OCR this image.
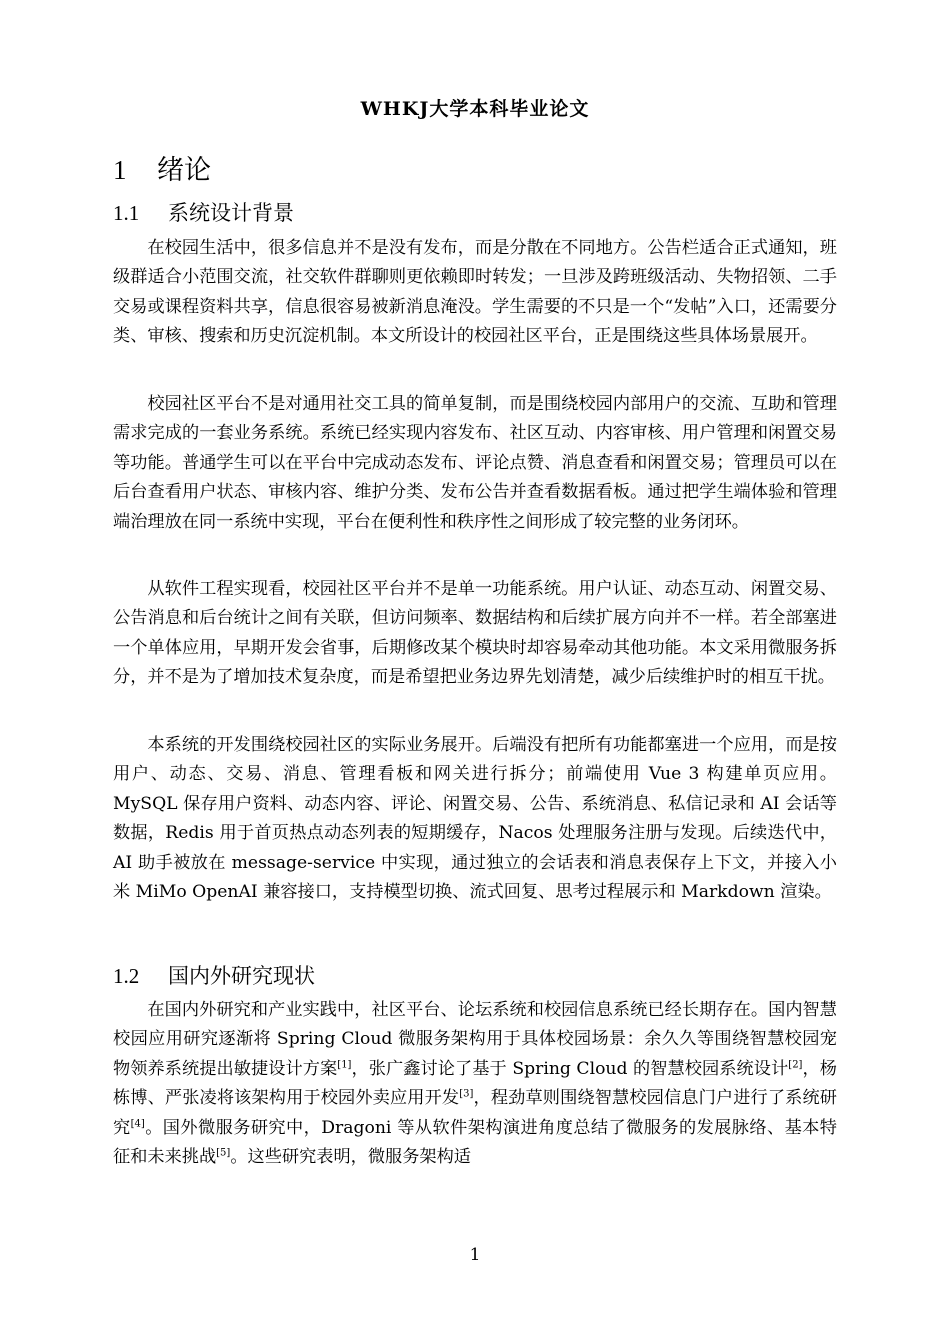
WHKJ大学本科毕业论文
1 绪论
1.1 系统设计背景

在校园生活中，很多信息并不是没有发布，而是分散在不同地方。公告栏适合正式通知，班级群适合小范围交流，社交软件群聊则更依赖即时转发；一旦涉及跨班级活动、失物招领、二手交易或课程资料共享，信息很容易被新消息淹没。学生需要的不只是一个“发帖”入口，还需要分类、审核、搜索和历史沉淀机制。本文所设计的校园社区平台，正是围绕这些具体场景展开。

校园社区平台不是对通用社交工具的简单复制，而是围绕校园内部用户的交流、互助和管理需求完成的一套业务系统。系统已经实现内容发布、社区互动、内容审核、用户管理和闲置交易等功能。普通学生可以在平台中完成动态发布、评论点赞、消息查看和闲置交易；管理员可以在后台查看用户状态、审核内容、维护分类、发布公告并查看数据看板。通过把学生端体验和管理端治理放在同一系统中实现，平台在便利性和秩序性之间形成了较完整的业务闭环。

从软件工程实现看，校园社区平台并不是单一功能系统。用户认证、动态互动、闲置交易、公告消息和后台统计之间有关联，但访问频率、数据结构和后续扩展方向并不一样。若全部塞进一个单体应用，早期开发会省事，后期修改某个模块时却容易牵动其他功能。本文采用微服务拆分，并不是为了增加技术复杂度，而是希望把业务边界先划清楚，减少后续维护时的相互干扰。

本系统的开发围绕校园社区的实际业务展开。后端没有把所有功能都塞进一个应用，而是按用户、动态、交易、消息、管理看板和网关进行拆分；前端使用 Vue 3 构建单页应用。MySQL 保存用户资料、动态内容、评论、闲置交易、公告、系统消息、私信记录和 AI 会话等数据，Redis 用于首页热点动态列表的短期缓存，Nacos 处理服务注册与发现。后续迭代中，AI 助手被放在 message-service 中实现，通过独立的会话表和消息表保存上下文，并接入小米 MiMo OpenAI 兼容接口，支持模型切换、流式回复、思考过程展示和 Markdown 渲染。

1.2 国内外研究现状

在国内外研究和产业实践中，社区平台、论坛系统和校园信息系统已经长期存在。国内智慧校园应用研究逐渐将 Spring Cloud 微服务架构用于具体校园场景：余久久等围绕智慧校园宠物领养系统提出敏捷设计方案[1]，张广鑫讨论了基于 Spring Cloud 的智慧校园系统设计[2]，杨栋博、严张凌将该架构用于校园外卖应用开发[3]，程劲草则围绕智慧校园信息门户进行了系统研究[4]。国外微服务研究中，Dragoni 等从软件架构演进角度总结了微服务的发展脉络、基本特征和未来挑战[5]。这些研究表明，微服务架构适

1
